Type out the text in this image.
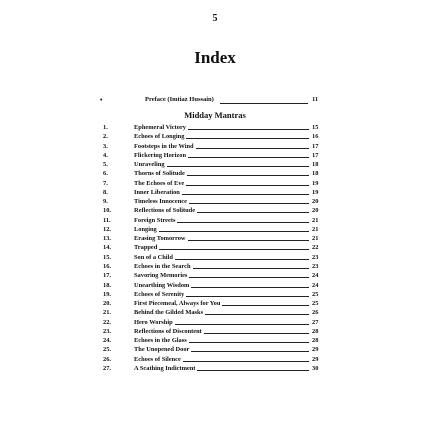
5
Index
•	Preface (Imtiaz Hussain)	11
Midday Mantras
1.	Ephemeral Victory	15
2.	Echoes of Longing	16
3.	Footsteps in the Wind	17
4.	Flickering Horizon	17
5.	Unraveling	18
6.	Thorns of Solitude	18
7.	The Echoes of Eve	19
8.	Inner Liberation	19
9.	Timeless Innocence	20
10.	Reflections of Solitude	20
11.	Foreign Streets	21
12.	Longing	21
13.	Erasing Tomorrow	21
14.	Trapped	22
15.	Son of a Child	23
16.	Echoes in the Search	23
17.	Savoring Memories	24
18.	Unearthing Wisdom	24
19.	Echoes of Serenity	25
20.	First Piecemeal, Always for You	25
21.	Behind the Gilded Masks	26
22.	Hero Worship	27
23.	Reflections of Discontent	28
24.	Echoes in the Glass	28
25.	The Unopened Door	29
26.	Echoes of Silence	29
27.	A Scathing Indictment	30
